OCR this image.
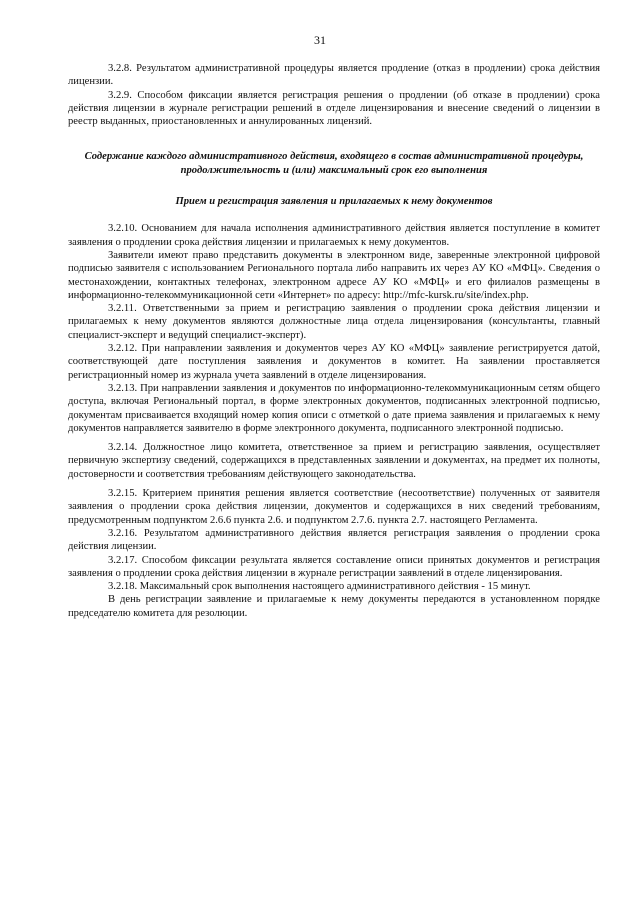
31

3.2.8. Результатом административной процедуры является продление (отказ в продлении) срока действия лицензии.

3.2.9. Способом фиксации является регистрация решения о продлении (об отказе в продлении) срока действия лицензии в журнале регистрации решений в отделе лицензирования и внесение сведений о лицензии в реестр выданных, приостановленных и аннулированных лицензий.

Содержание каждого административного действия, входящего в состав административной процедуры, продолжительность и (или) максимальный срок его выполнения
Прием и регистрация заявления и прилагаемых к нему документов

3.2.10. Основанием для начала исполнения административного действия является поступление в комитет заявления о продлении срока действия лицензии и прилагаемых к нему документов.

Заявители имеют право представить документы в электронном виде, заверенные электронной цифровой подписью заявителя с использованием Регионального портала либо направить их через АУ КО «МФЦ». Сведения о местонахождении, контактных телефонах, электронном адресе АУ КО «МФЦ» и его филиалов размещены в информационно-телекоммуникационной сети «Интернет» по адресу: http://mfc-kursk.ru/site/index.php.

3.2.11. Ответственными за прием и регистрацию заявления о продлении срока действия лицензии и прилагаемых к нему документов являются должностные лица отдела лицензирования (консультанты, главный специалист-эксперт и ведущий специалист-эксперт).

3.2.12. При направлении заявления и документов через АУ КО «МФЦ» заявление регистрируется датой, соответствующей дате поступления заявления и документов в комитет. На заявлении проставляется регистрационный номер из журнала учета заявлений в отделе лицензирования.

3.2.13. При направлении заявления и документов по информационно-телекоммуникационным сетям общего доступа, включая Региональный портал, в форме электронных документов, подписанных электронной подписью, документам присваивается входящий номер копия описи с отметкой о дате приема заявления и прилагаемых к нему документов направляется заявителю в форме электронного документа, подписанного электронной подписью.

3.2.14. Должностное лицо комитета, ответственное за прием и регистрацию заявления, осуществляет первичную экспертизу сведений, содержащихся в представленных заявлении и документах, на предмет их полноты, достоверности и соответствия требованиям действующего законодательства.

3.2.15. Критерием принятия решения является соответствие (несоответствие) полученных от заявителя заявления о продлении срока действия лицензии, документов и содержащихся в них сведений требованиям, предусмотренным подпунктом 2.6.6 пункта 2.6. и подпунктом 2.7.6. пункта 2.7. настоящего Регламента.

3.2.16. Результатом административного действия является регистрация заявления о продлении срока действия лицензии.

3.2.17. Способом фиксации результата является составление описи принятых документов и регистрация заявления о продлении срока действия лицензии в журнале регистрации заявлений в отделе лицензирования.

3.2.18. Максимальный срок выполнения настоящего административного действия - 15 минут.

В день регистрации заявление и прилагаемые к нему документы передаются в установленном порядке председателю комитета для резолюции.
